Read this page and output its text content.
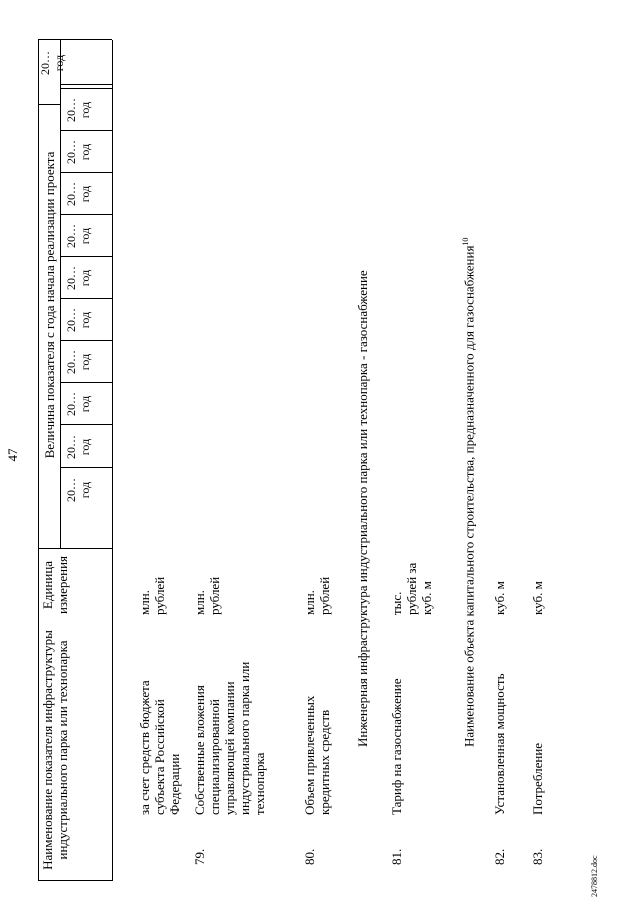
47
Наименование показателя инфраструктуры индустриального парка или технопарка
Единица измерения
Величина показателя с года начала реализации проекта
20… год
20… год
20… год
20… год
20… год
20… год
20… год
20… год
20… год
20… год
20… год
за счет средств бюджета субъекта Российской Федерации
млн. рублей
79.
Собственные вложения специализированной управляющей компании индустриального парка или технопарка
млн. рублей
80.
Объем привлеченных кредитных средств
млн. рублей Инженерная инфраструктура индустриального парка или технопарка - газоснабжение
81.
Тариф на газоснабжение
тыс. рублей за куб. м Наименование объекта капитального строительства, предназначенного для газоснабжения$^{10}$
82.
Установленная мощность
куб. м
83.
Потребление
куб. м
2478812.doc
